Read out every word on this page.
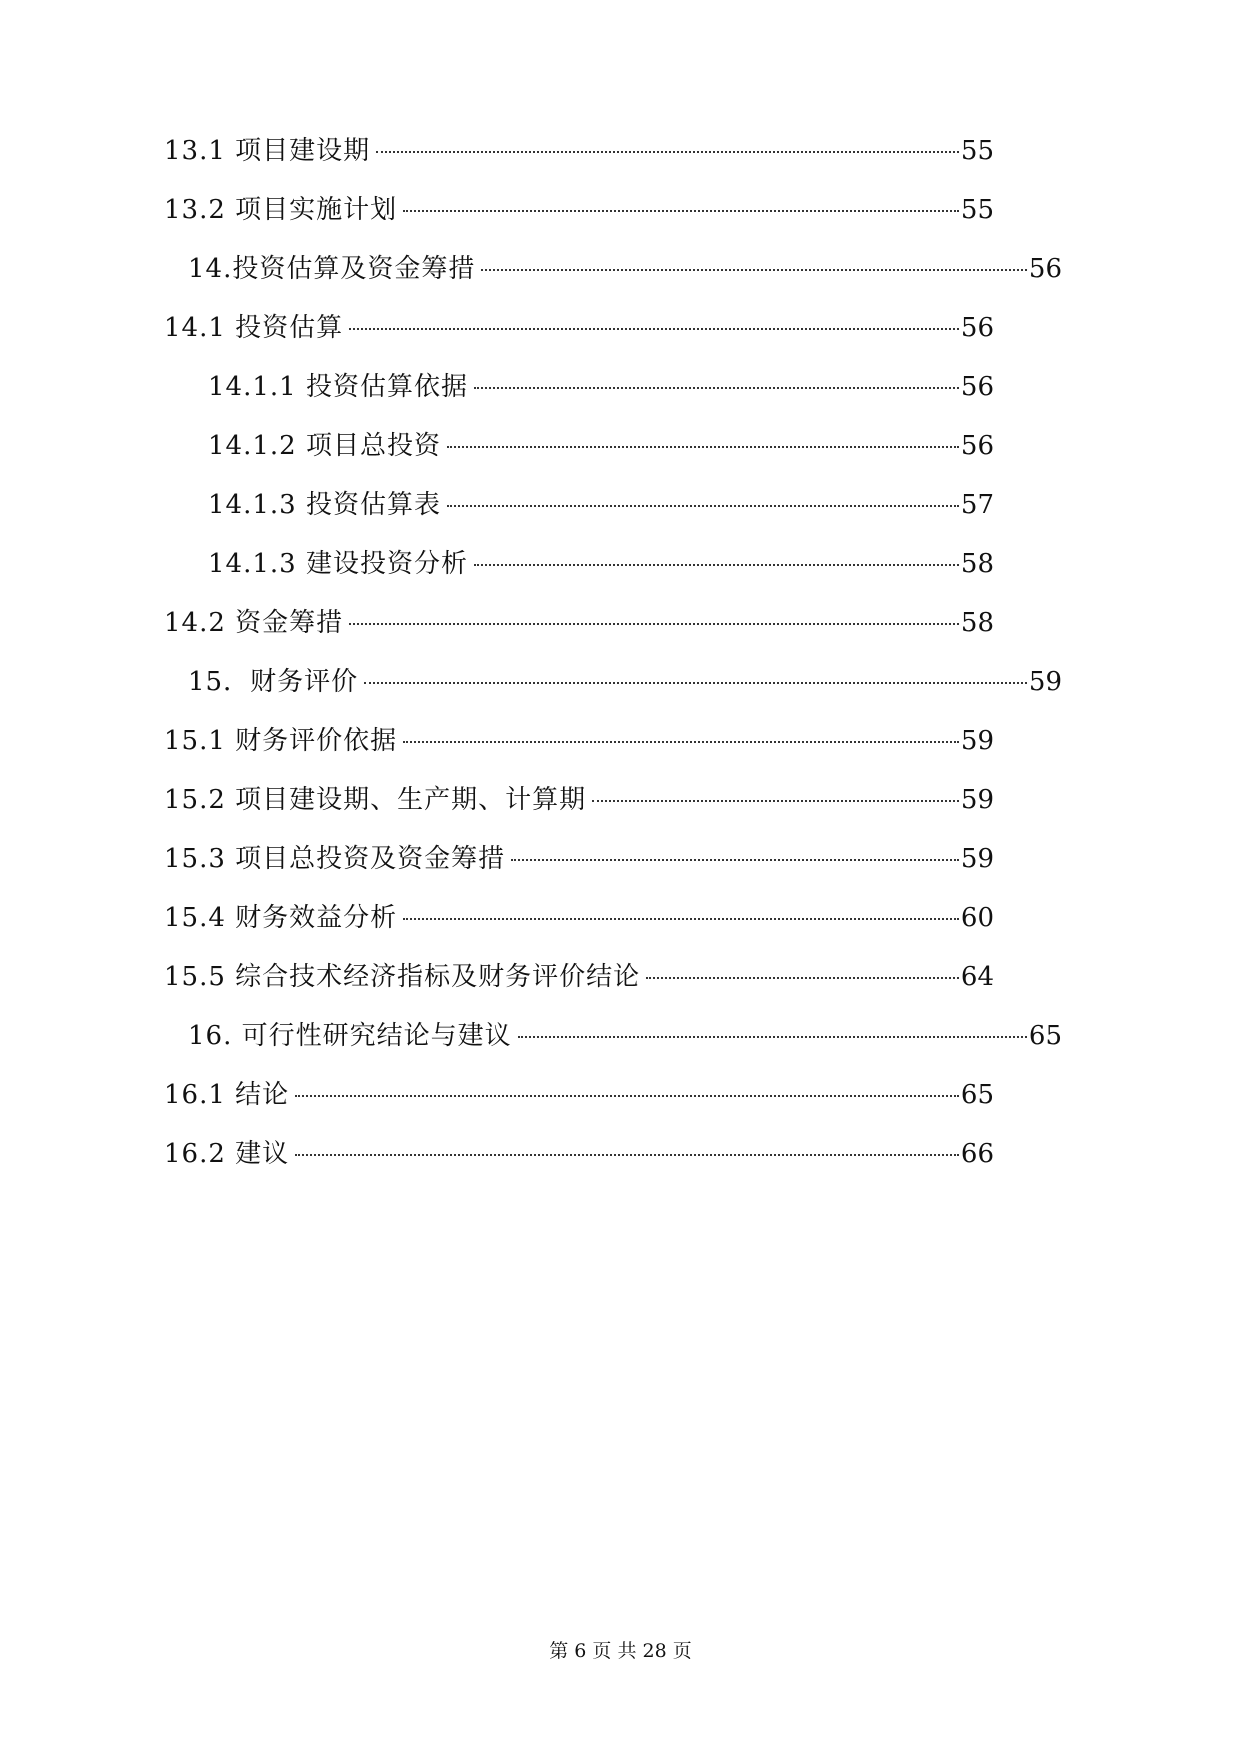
13.1 项目建设期	55
13.2 项目实施计划	55
14.投资估算及资金筹措	56
14.1 投资估算	56
14.1.1 投资估算依据	56
14.1.2 项目总投资	56
14.1.3 投资估算表	57
14.1.3 建设投资分析	58
14.2 资金筹措	58
15．财务评价	59
15.1 财务评价依据	59
15.2 项目建设期、生产期、计算期	59
15.3 项目总投资及资金筹措	59
15.4 财务效益分析	60
15.5 综合技术经济指标及财务评价结论	64
16. 可行性研究结论与建议	65
16.1 结论	65
16.2 建议	66
第 6 页 共 28 页
